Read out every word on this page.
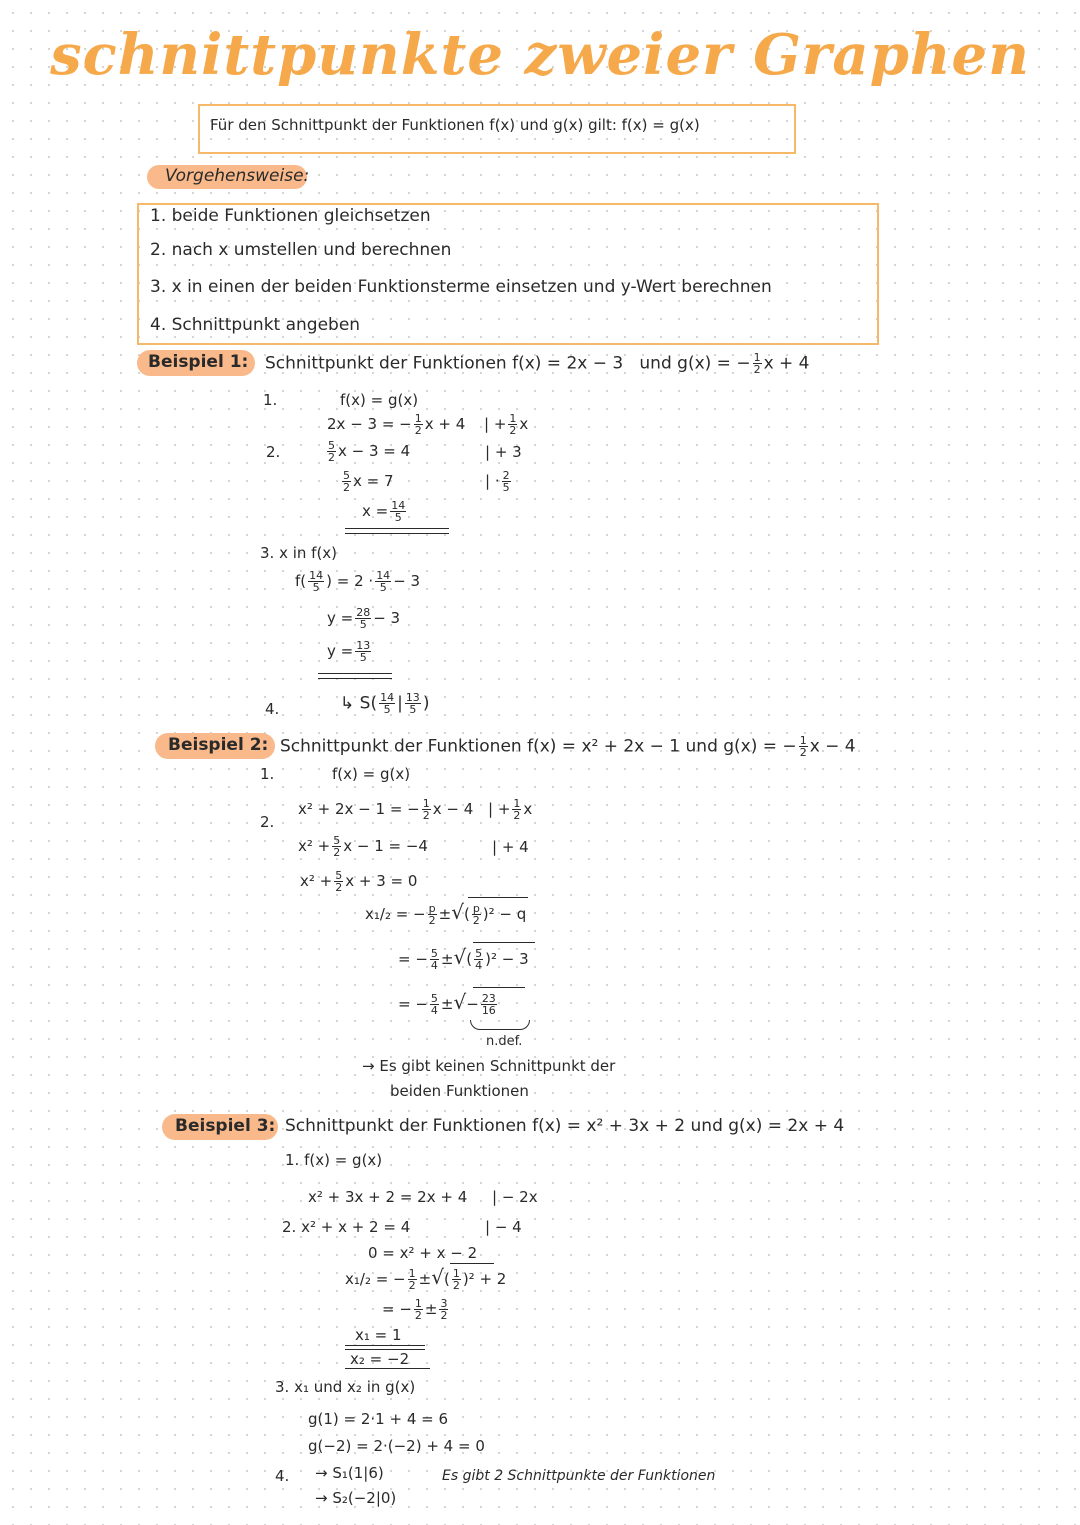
schnittpunkte zweier Graphen
Für den Schnittpunkt der Funktionen f(x) und g(x) gilt: f(x) = g(x)
Vorgehensweise:
1. beide Funktionen gleichsetzen
2. nach x umstellen und berechnen
3. x in einen der beiden Funktionsterme einsetzen und y-Wert berechnen
4. Schnittpunkt angeben
Beispiel 1: Schnittpunkt der Funktionen f(x) = 2x − 3 und g(x) = − $\frac{1}{2}$ x + 4
1.	f(x) = g(x)
2x − 3 = − $\frac{1}{2}$ x + 4 | + $\frac{1}{2}$ x
2.	$\frac{5}{2}$ x − 3 = 4	| + 3
$\frac{5}{2}$ x = 7	| · $\frac{2}{5}$
$x = \frac{14}{5}$
3. x in f(x)
$f( \frac{14}{5}$ ) = $2 \cdot \frac{14}{5} - 3$
$y = \frac{28}{5} - 3$
$y = \frac{13}{5}$
4.	↳ $S( \frac{14}{5}$ | $\frac{13}{5}$ )
Beispiel 2: Schnittpunkt der Funktionen f(x) = x² + 2x − 1 und g(x) = − $\frac{1}{2}$ x − 4
1.	f(x) = g(x)
x² + 2x − 1 = − $\frac{1}{2}$ x − 4 | + $\frac{1}{2}$ x
2.
$x^2 + \frac{5}{2}$ x − 1 = −4	| + 4
$x^2 + \frac{5}{2}$ x + 3 = 0
x₁/₂ = − $\frac{p}{2}$ ±√( $\frac{p}{2} )^2 - q$
= − $\frac{5}{4}$ ±√( $\frac{5}{4} )^2 - 3$
= − $\frac{5}{4}$ ±√− $\frac{23}{16}$
n.def.
→ Es gibt keinen Schnittpunkt der
beiden Funktionen
Beispiel 3: Schnittpunkt der Funktionen f(x) = x² + 3x + 2 und g(x) = 2x + 4
1. f(x) = g(x)
x² + 3x + 2 = 2x + 4 | − 2x
2. x² + x + 2 = 4	| − 4
0 = x² + x − 2
x₁/₂ = − $\frac{1}{2}$ ±√( $\frac{1}{2} )^2 + 2$
= − $\frac{1}{2} \pm \frac{3}{2}$
x₁ = 1
x₂ = −2
3. x₁ und x₂ in g(x)
g(1) = 2·1 + 4 = 6
g(−2) = 2·(−2) + 4 = 0
4. → S₁(1|6)
→ S₂(−2|0)
Es gibt 2 Schnittpunkte der Funktionen
